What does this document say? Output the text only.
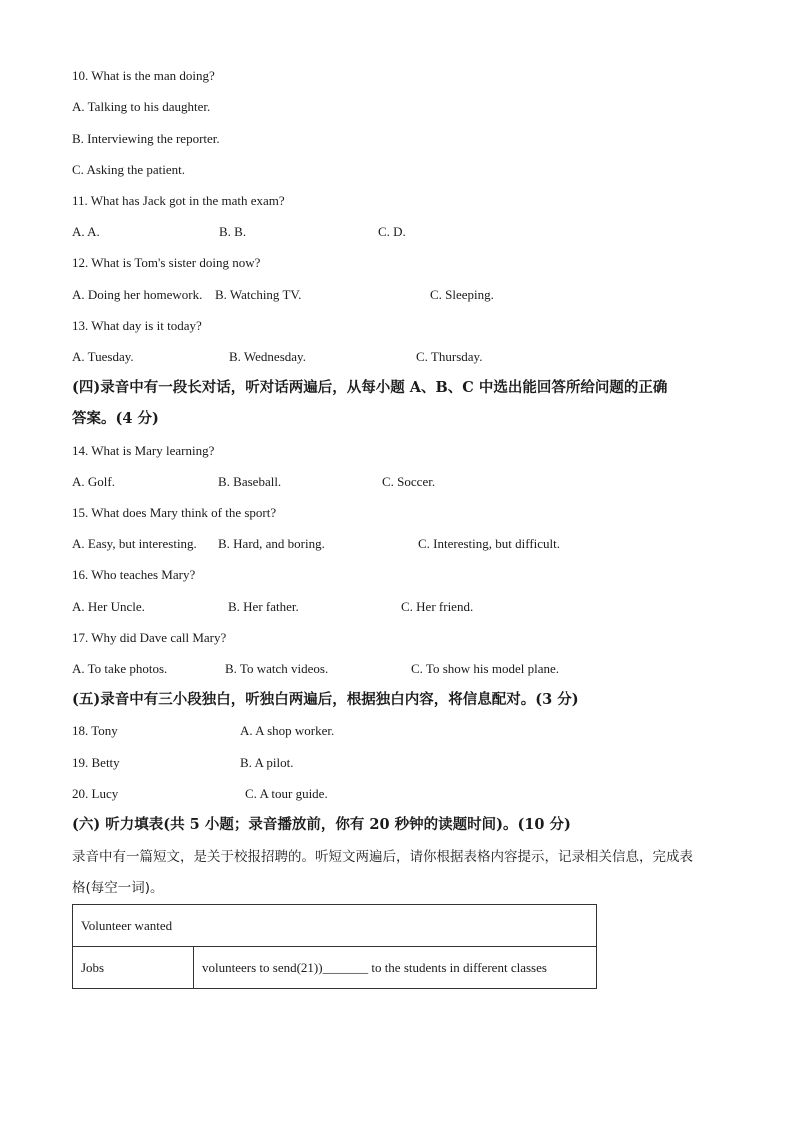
10. What is the man doing?
A. Talking to his daughter.
B. Interviewing the reporter.
C. Asking the patient.
11. What has Jack got in the math exam?
A. A.	B. B.	C. D.
12. What is Tom's sister doing now?
A. Doing her homework. B. Watching TV.	C. Sleeping.
13. What day is it today?
A. Tuesday.	B. Wednesday.	C. Thursday.
(四)录音中有一段长对话，听对话两遍后，从每小题 A、B、C 中选出能回答所给问题的正确
答案。(4 分)
14. What is Mary learning?
A. Golf.	B. Baseball.	C. Soccer.
15. What does Mary think of the sport?
A. Easy, but interesting. B. Hard, and boring.	C. Interesting, but difficult.
16. Who teaches Mary?
A. Her Uncle.	B. Her father.	C. Her friend.
17. Why did Dave call Mary?
A. To take photos.	B. To watch videos.	C. To show his model plane.
(五)录音中有三小段独白，听独白两遍后，根据独白内容，将信息配对。(3 分)
18. Tony	A. A shop worker.
19. Betty	B. A pilot.
20. Lucy	C. A tour guide.
(六) 听力填表(共 5 小题；录音播放前，你有 20 秒钟的读题时间)。(10 分)
录音中有一篇短文，是关于校报招聘的。听短文两遍后，请你根据表格内容提示，记录相关信息，完成表
格(每空一词)。
Volunteer wanted
Jobs	volunteers to send(21))_______ to the students in different classes
